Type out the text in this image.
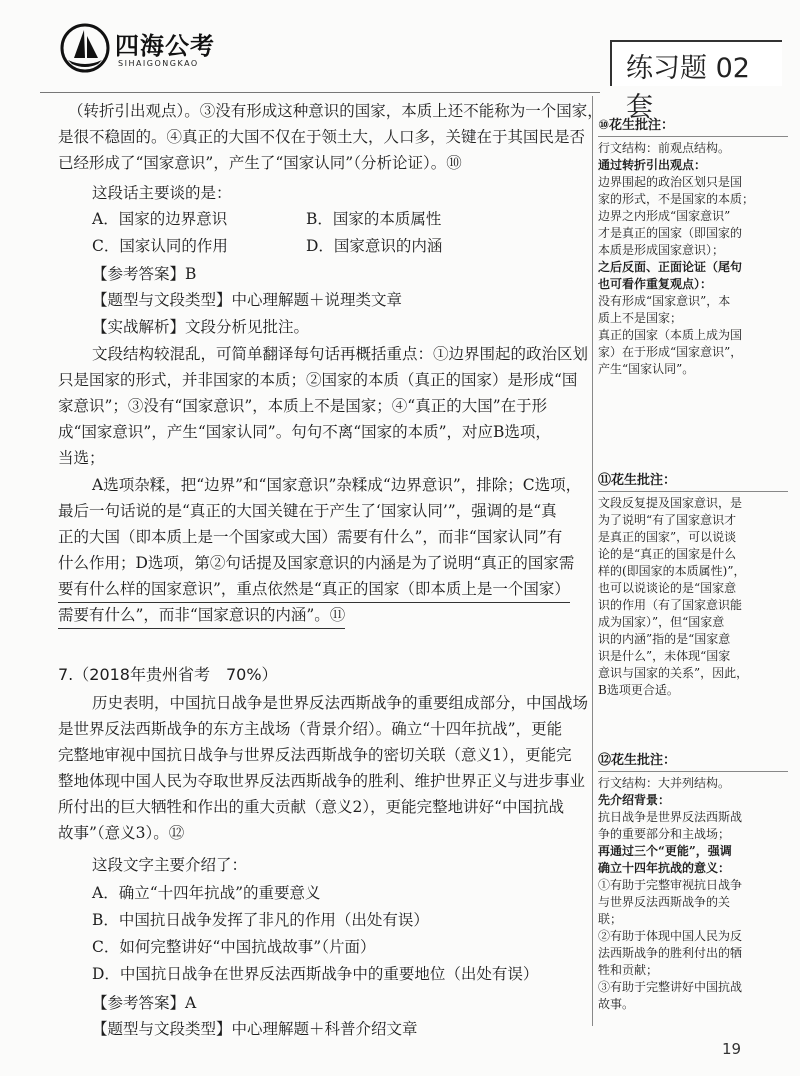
四海公考
SIHAIGONGKAO	练习题 02 套
（转折引出观点）。③没有形成这种意识的国家，本质上还不能称为一个国家，
是很不稳固的。④真正的大国不仅在于领土大，人口多，关键在于其国民是否
已经形成了“国家意识”，产生了“国家认同”（分析论证）。⑩
这段话主要谈的是：
A．国家的边界意识	B．国家的本质属性
C．国家认同的作用	D．国家意识的内涵
【参考答案】B
【题型与文段类型】中心理解题＋说理类文章
【实战解析】文段分析见批注。
文段结构较混乱，可简单翻译每句话再概括重点：①边界围起的政治区划
只是国家的形式，并非国家的本质；②国家的本质（真正的国家）是形成“国
家意识”；③没有“国家意识”，本质上不是国家；④“真正的大国”在于形
成“国家意识”，产生“国家认同”。句句不离“国家的本质”，对应B选项，
当选；
A选项杂糅，把“边界”和“国家意识”杂糅成“边界意识”，排除；C选项，
最后一句话说的是“真正的大国关键在于产生了‘国家认同’”，强调的是“真
正的大国（即本质上是一个国家或大国）需要有什么”，而非“国家认同”有
什么作用；D选项，第②句话提及国家意识的内涵是为了说明“真正的国家需
要有什么样的国家意识”，重点依然是“真正的国家（即本质上是一个国家）
需要有什么”，而非“国家意识的内涵”。⑪
7.（2018年贵州省考　70%）
历史表明，中国抗日战争是世界反法西斯战争的重要组成部分，中国战场
是世界反法西斯战争的东方主战场（背景介绍）。确立“十四年抗战”，更能
完整地审视中国抗日战争与世界反法西斯战争的密切关联（意义1），更能完
整地体现中国人民为夺取世界反法西斯战争的胜利、维护世界正义与进步事业
所付出的巨大牺牲和作出的重大贡献（意义2），更能完整地讲好“中国抗战
故事”（意义3）。⑫
这段文字主要介绍了：
A．确立“十四年抗战”的重要意义
B．中国抗日战争发挥了非凡的作用（出处有误）
C．如何完整讲好“中国抗战故事”（片面）
D．中国抗日战争在世界反法西斯战争中的重要地位（出处有误）
【参考答案】A
【题型与文段类型】中心理解题＋科普介绍文章
⑩花生批注：
行文结构：前观点结构。
通过转折引出观点：
边界围起的政治区划只是国
家的形式，不是国家的本质；
边界之内形成“国家意识”
才是真正的国家（即国家的
本质是形成国家意识）；
之后反面、正面论证（尾句
也可看作重复观点）：
没有形成“国家意识”，本
质上不是国家；
真正的国家（本质上成为国
家）在于形成“国家意识”，
产生“国家认同”。
⑪花生批注：
文段反复提及国家意识，是
为了说明“有了国家意识才
是真正的国家”，可以说谈
论的是“真正的国家是什么
样的(即国家的本质属性)”，
也可以说谈论的是“国家意
识的作用（有了国家意识能
成为国家）”，但“国家意
识的内涵”指的是“国家意
识是什么”，未体现“国家
意识与国家的关系”，因此，
B选项更合适。
⑫花生批注：
行文结构：大并列结构。
先介绍背景：
抗日战争是世界反法西斯战
争的重要部分和主战场；
再通过三个“更能”，强调
确立十四年抗战的意义：
①有助于完整审视抗日战争
与世界反法西斯战争的关
联；
②有助于体现中国人民为反
法西斯战争的胜利付出的牺
牲和贡献；
③有助于完整讲好中国抗战
故事。
19
